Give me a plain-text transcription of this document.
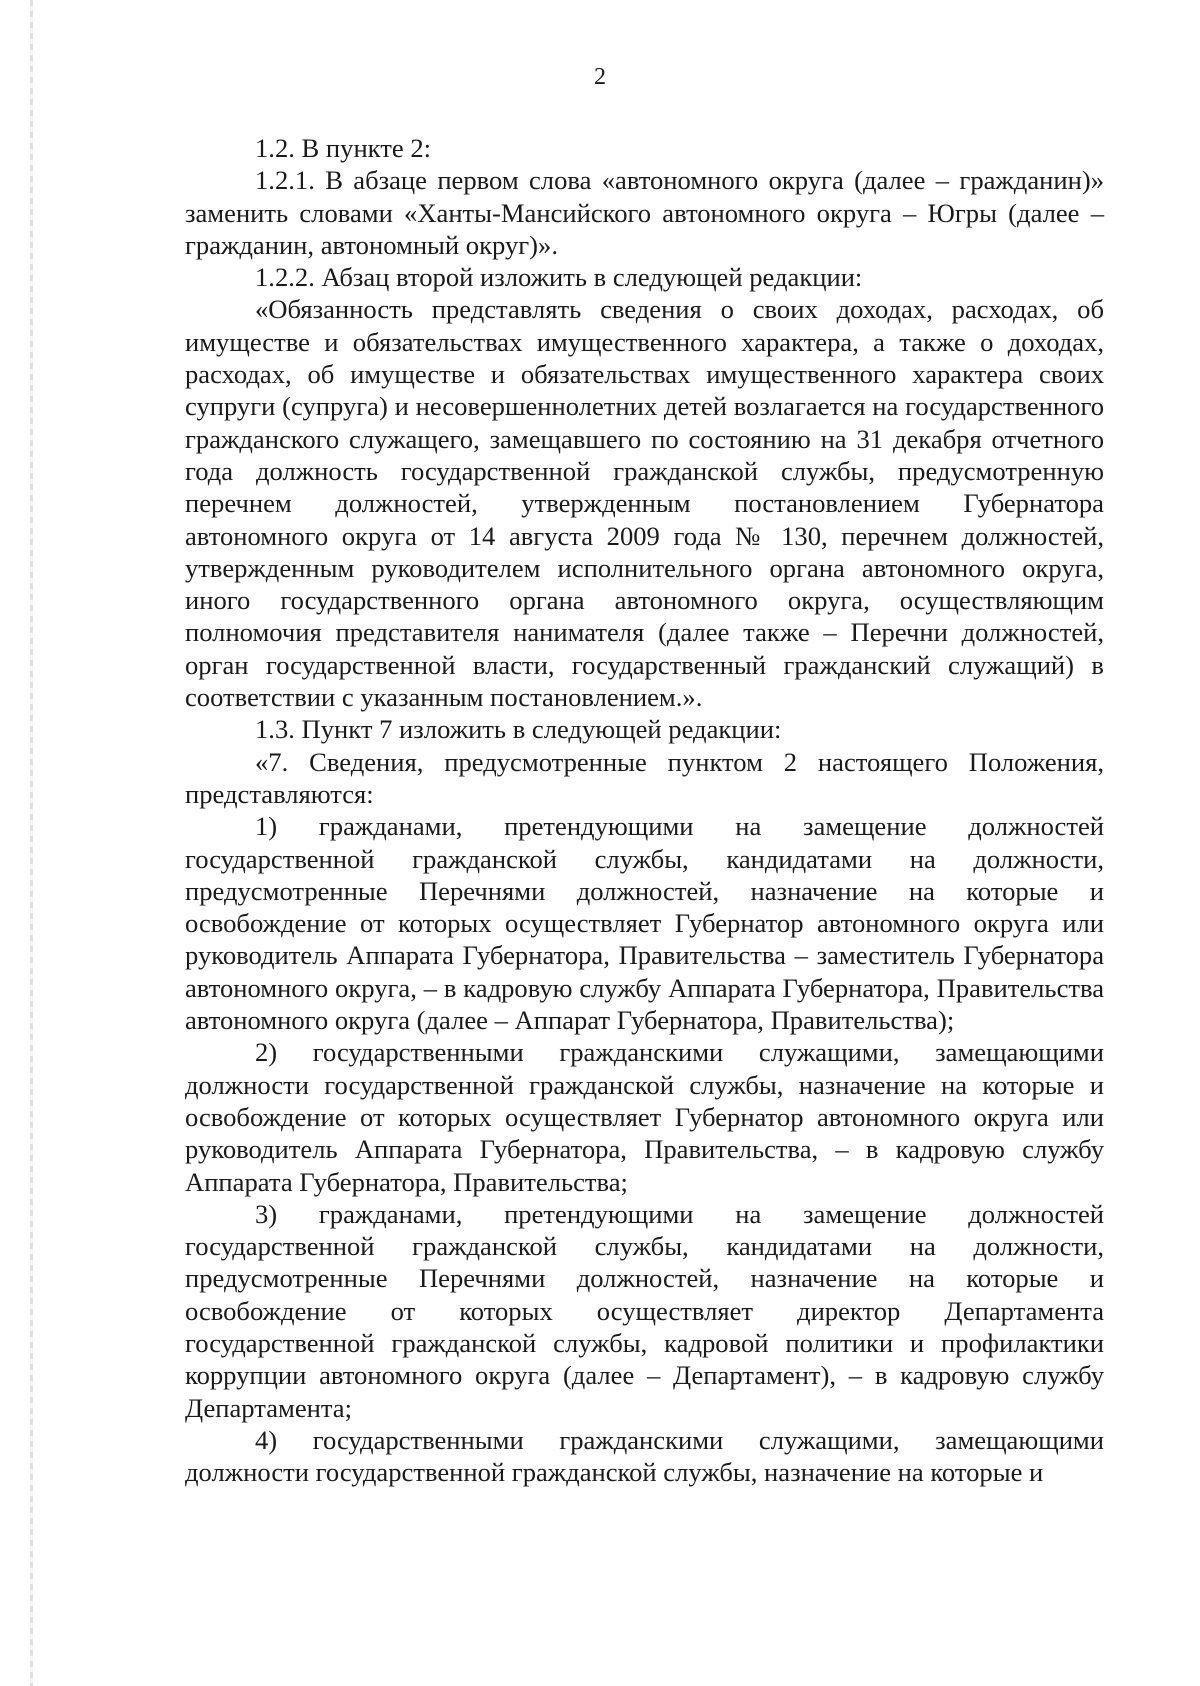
2

1.2. В пункте 2:

1.2.1. В абзаце первом слова «автономного округа (далее – гражданин)» заменить словами «Ханты-Мансийского автономного округа – Югры (далее – гражданин, автономный округ)».

1.2.2. Абзац второй изложить в следующей редакции:

«Обязанность представлять сведения о своих доходах, расходах, об имуществе и обязательствах имущественного характера, а также о доходах, расходах, об имуществе и обязательствах имущественного характера своих супруги (супруга) и несовершеннолетних детей возлагается на государственного гражданского служащего, замещавшего по состоянию на 31 декабря отчетного года должность государственной гражданской службы, предусмотренную перечнем должностей, утвержденным постановлением Губернатора автономного округа от 14 августа 2009 года № 130, перечнем должностей, утвержденным руководителем исполнительного органа автономного округа, иного государственного органа автономного округа, осуществляющим полномочия представителя нанимателя (далее также – Перечни должностей, орган государственной власти, государственный гражданский служащий) в соответствии с указанным постановлением.».

1.3. Пункт 7 изложить в следующей редакции:

«7. Сведения, предусмотренные пунктом 2 настоящего Положения, представляются:

1) гражданами, претендующими на замещение должностей государственной гражданской службы, кандидатами на должности, предусмотренные Перечнями должностей, назначение на которые и освобождение от которых осуществляет Губернатор автономного округа или руководитель Аппарата Губернатора, Правительства – заместитель Губернатора автономного округа, – в кадровую службу Аппарата Губернатора, Правительства автономного округа (далее – Аппарат Губернатора, Правительства);

2) государственными гражданскими служащими, замещающими должности государственной гражданской службы, назначение на которые и освобождение от которых осуществляет Губернатор автономного округа или руководитель Аппарата Губернатора, Правительства, – в кадровую службу Аппарата Губернатора, Правительства;

3) гражданами, претендующими на замещение должностей государственной гражданской службы, кандидатами на должности, предусмотренные Перечнями должностей, назначение на которые и освобождение от которых осуществляет директор Департамента государственной гражданской службы, кадровой политики и профилактики коррупции автономного округа (далее – Департамент), – в кадровую службу Департамента;

4) государственными гражданскими служащими, замещающими должности государственной гражданской службы, назначение на которые и
